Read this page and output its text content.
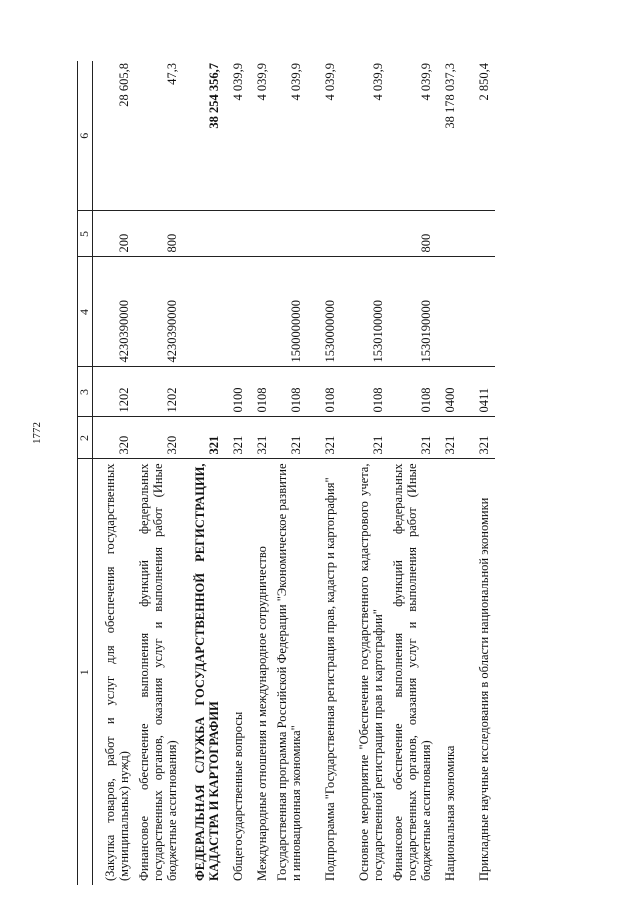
1772
1	2	3	4	5	6
(Закупка товаров, работ и услуг для обеспечения государственных (муниципальных) нужд)	320	1202	4230390000	200	28 605,8
Финансовое обеспечение выполнения функций федеральных государственных органов, оказания услуг и выполнения работ (Иные бюджетные ассигнования)	320	1202	4230390000	800	47,3
ФЕДЕРАЛЬНАЯ СЛУЖБА ГОСУДАРСТВЕННОЙ РЕГИСТРАЦИИ, КАДАСТРА И КАРТОГРАФИИ	321				38 254 356,7
Общегосударственные вопросы	321	0100			4 039,9
Международные отношения и международное сотрудничество	321	0108			4 039,9
Государственная программа Российской Федерации "Экономическое развитие и инновационная экономика"	321	0108	1500000000		4 039,9
Подпрограмма "Государственная регистрация прав, кадастр и картография"	321	0108	1530000000		4 039,9
Основное мероприятие "Обеспечение государственного кадастрового учета, государственной регистрации прав и картографии"	321	0108	1530100000		4 039,9
Финансовое обеспечение выполнения функций федеральных государственных органов, оказания услуг и выполнения работ (Иные бюджетные ассигнования)	321	0108	1530190000	800	4 039,9
Национальная экономика	321	0400			38 178 037,3
Прикладные научные исследования в области национальной экономики	321	0411			2 850,4
